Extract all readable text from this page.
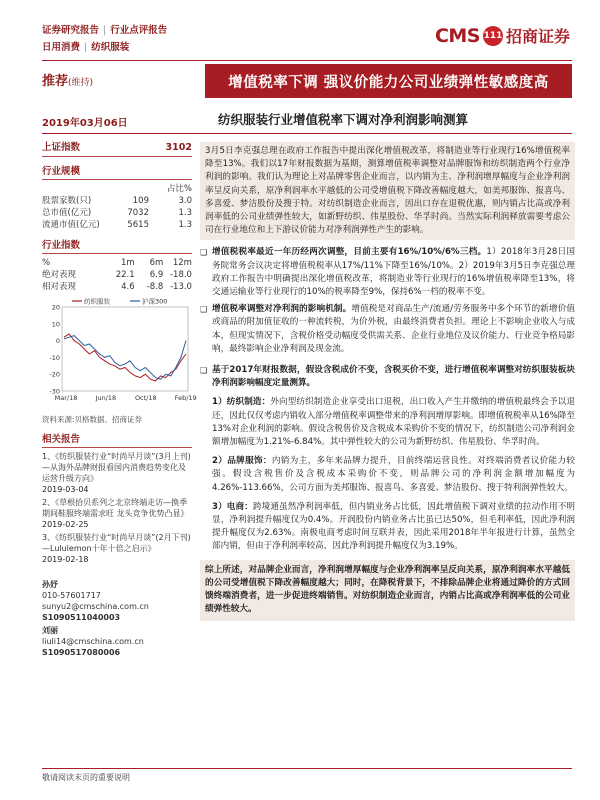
证券研究报告 | 行业点评报告
日用消费 | 纺织服装
CMS 111 招商证券
推荐(维持)	增值税率下调 强议价能力公司业绩弹性敏感度高
2019年03月06日	纺织服装行业增值税率下调对净利润影响测算
上证指数	3102
行业规模
占比%
股票家数(只)	109	3.0
总市值(亿元)	7032	1.3
流通市值(亿元)	5615	1.3
行业指数
%	1m	6m	12m
绝对表现	22.1	6.9 -18.0
相对表现	4.6	-8.8 -13.0
20
10
0
-10
-20
-30
Mar/18	Jun/18	Oct/18	Feb/19
纺织服装	沪深300
资料来源:贝格数据、招商证券
相关报告
1、《纺织服装行业“时尚早月谈”(3月上刊)—从海外品牌财报看国内消费趋势变化及运营升级方向》
2019-03-04
2、《草根拾贝系列之北京终端走访—换季期间鞋服终端需求旺 龙头竞争优势凸显》
2019-02-25
3、《纺织服装行业“时尚早月谈”(2月下刊)—Lululemon十年十倍之启示》
2019-02-18
孙妤
010-57601717
sunyu2@cmschina.com.cn
S1090511040003
刘丽
liuli14@cmschina.com.cn
S1090517080006
3月5日李克强总理在政府工作报告中提出深化增值税改革，将制造业等行业现行16%增值税率降至13%。我们以17年财报数据为基期，测算增值税率调整对品牌服饰和纺织制造两个行业净利润的影响。我们认为理论上对品牌零售企业而言，以内销为主、净利润增厚幅度与企业净利润率呈反向关系，原净利润率水平越低的公司受增值税下降改善幅度越大，如美邦服饰、报喜鸟、多喜爱、梦洁股份及搜于特。对纺织制造企业而言，因出口存在退税优惠，则内销占比高或净利润率低的公司业绩弹性较大，如新野纺织、伟星股份、华孚时尚。当然实际利润释放需要考虑公司在行业地位和上下游议价能力对净利润弹性产生的影响。
❑ 增值税税率最近一年历经两次调整，目前主要有16%/10%/6%三档。1）2018年3月28日国务院常务会议决定将增值税税率从17%/11%下降至16%/10%。2）2019年3月5日李克强总理政府工作报告中明确提出深化增值税改革，将制造业等行业现行的16%增值税率降至13%，将交通运输业等行业现行的10%的税率降至9%，保持6%一档的税率不变。
❑ 增值税率调整对净利润的影响机制。增值税是对商品生产/流通/劳务服务中多个环节的新增价值或商品的附加值征收的一种流转税，为价外税，由最终消费者负担。理论上不影响企业收入与成本，但现实情况下，含税价格受动幅度受供需关系、企业行业地位及议价能力、行业竞争格局影响，最终影响企业净利润及现金流。
❑ 基于2017年财报数据，假设含税成价不变，含税买价不变，进行增值税率调整对纺织服装板块净利润影响幅度定量测算。
1）纺织制造：外向型纺织制造企业享受出口退税，出口收入产生并缴纳的增值税最终会予以退还，因此仅仅考虑内销收入部分增值税率调整带来的净利润增厚影响。即增值税税率从16%降至13%对企业利润的影响。假设含税售价及含税成本采购价不变的情况下，纺织制造公司净利润金额增加幅度为1.21%-6.84%。其中弹性较大的公司为新野纺织、伟星股份、华孚时尚。
2）品牌服饰：内销为主，多年来品牌力提升，目前终端运营良性。对终端消费者议价能力较强。假设含税售价及含税成本采购价不变，则品牌公司的净利润金额增加幅度为4.26%-113.66%，公司方面为美邦服饰、报喜鸟、多喜爱、梦洁股份、搜于特利润弹性较大。
3）电商：跨境通虽然净利润率低，但内销业务占比低，因此增值税下调对业绩的拉动作用不明显，净利润提升幅度仅为0.4%。开润股份内销业务占比虽已达50%，但毛利率低，因此净利润提升幅度仅为2.63%。南极电商考虑时间互联并表，因此采用2018年半年报进行计算，虽然全部内销，但由于净利润率较高，因此净利润提升幅度仅为3.19%。
综上所述，对品牌企业而言，净利润增厚幅度与企业净利润率呈反向关系，原净利润率水平越低的公司受增值税下降改善幅度越大；同时，在降税背景下，不排除品牌企业将通过降价的方式回馈终端消费者，进一步促进终端销售。对纺织制造企业而言，内销占比高或净利润率低的公司业绩弹性较大。
敬请阅读末页的重要说明
